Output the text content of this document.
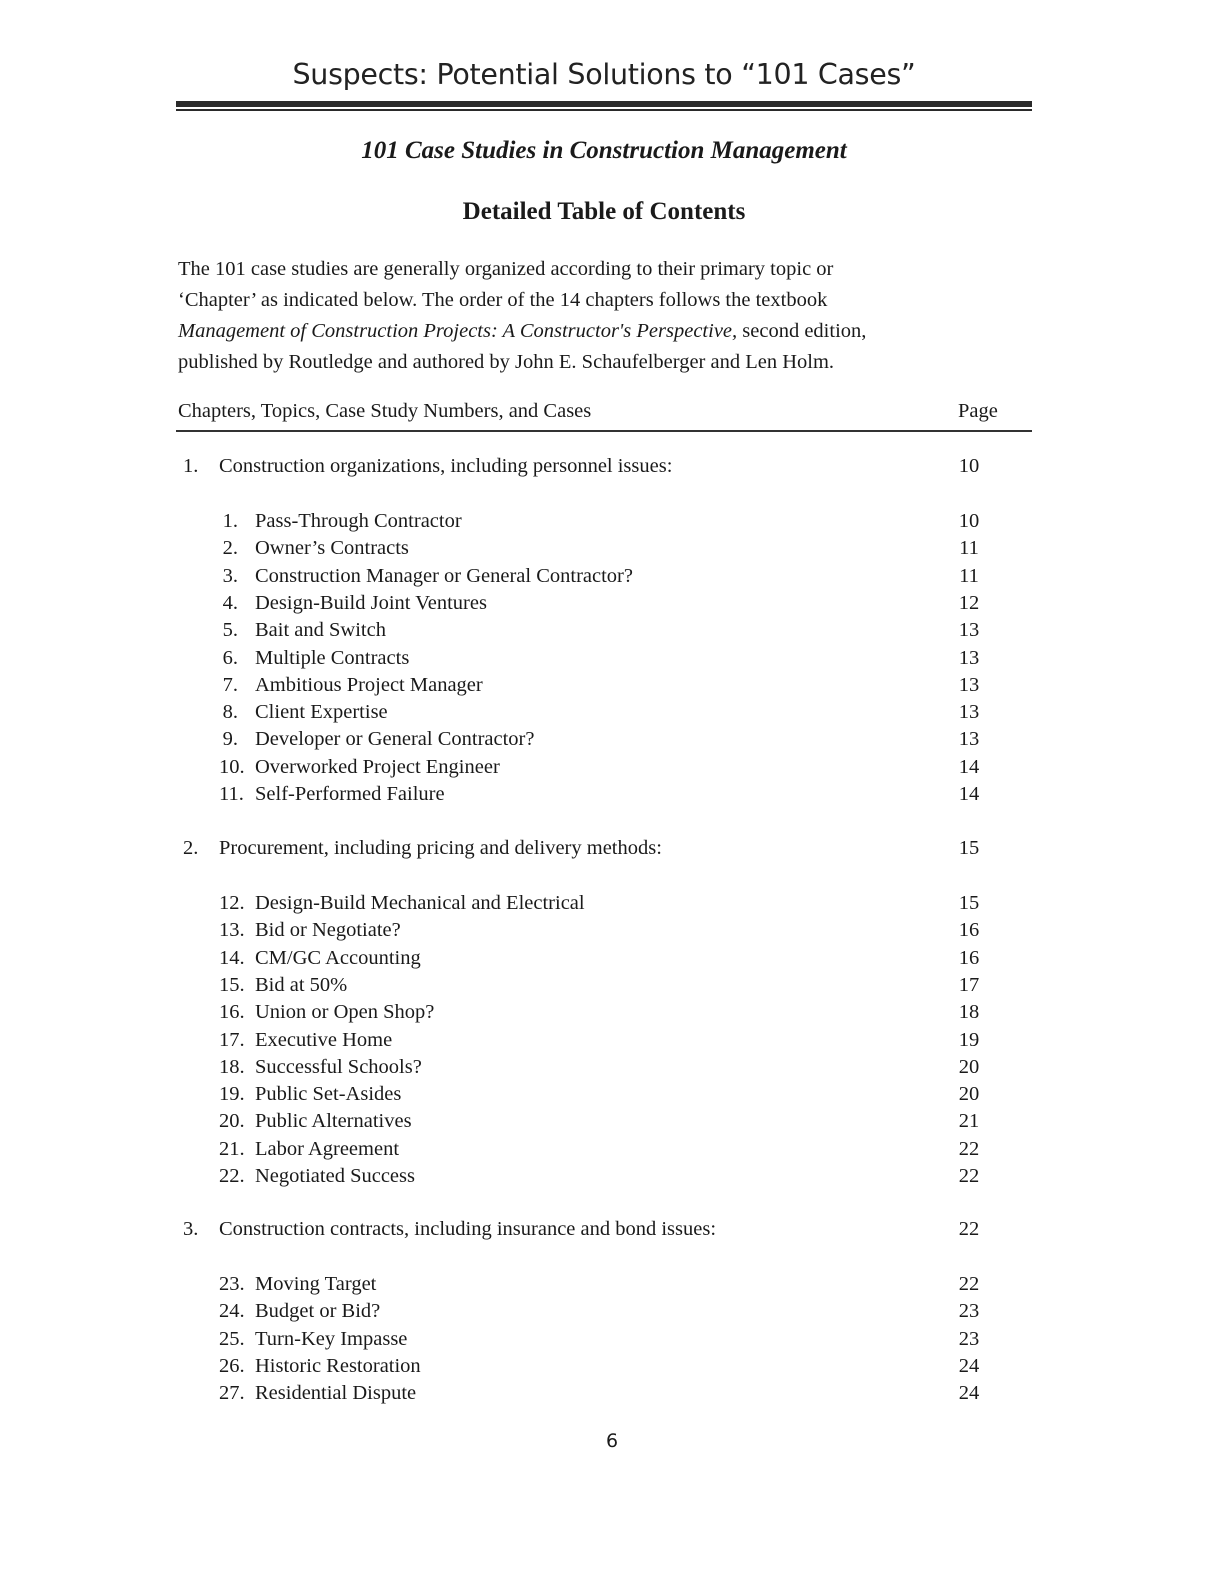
Suspects: Potential Solutions to “101 Cases”
101 Case Studies in Construction Management
Detailed Table of Contents
The 101 case studies are generally organized according to their primary topic or
‘Chapter’ as indicated below. The order of the 14 chapters follows the textbook
Management of Construction Projects: A Constructor's Perspective, second edition,
published by Routledge and authored by John E. Schaufelberger and Len Holm.
Chapters, Topics, Case Study Numbers, and Cases	Page
1. Construction organizations, including personnel issues:	10
1. Pass-Through Contractor	10
2. Owner’s Contracts	11
3. Construction Manager or General Contractor?	11
4. Design-Build Joint Ventures	12
5. Bait and Switch	13
6. Multiple Contracts	13
7. Ambitious Project Manager	13
8. Client Expertise	13
9. Developer or General Contractor?	13
10. Overworked Project Engineer	14
11. Self-Performed Failure	14
2. Procurement, including pricing and delivery methods:	15
12. Design-Build Mechanical and Electrical	15
13. Bid or Negotiate?	16
14. CM/GC Accounting	16
15. Bid at 50%	17
16. Union or Open Shop?	18
17. Executive Home	19
18. Successful Schools?	20
19. Public Set-Asides	20
20. Public Alternatives	21
21. Labor Agreement	22
22. Negotiated Success	22
3. Construction contracts, including insurance and bond issues:	22
23. Moving Target	22
24. Budget or Bid?	23
25. Turn-Key Impasse	23
26. Historic Restoration	24
27. Residential Dispute	24
6
